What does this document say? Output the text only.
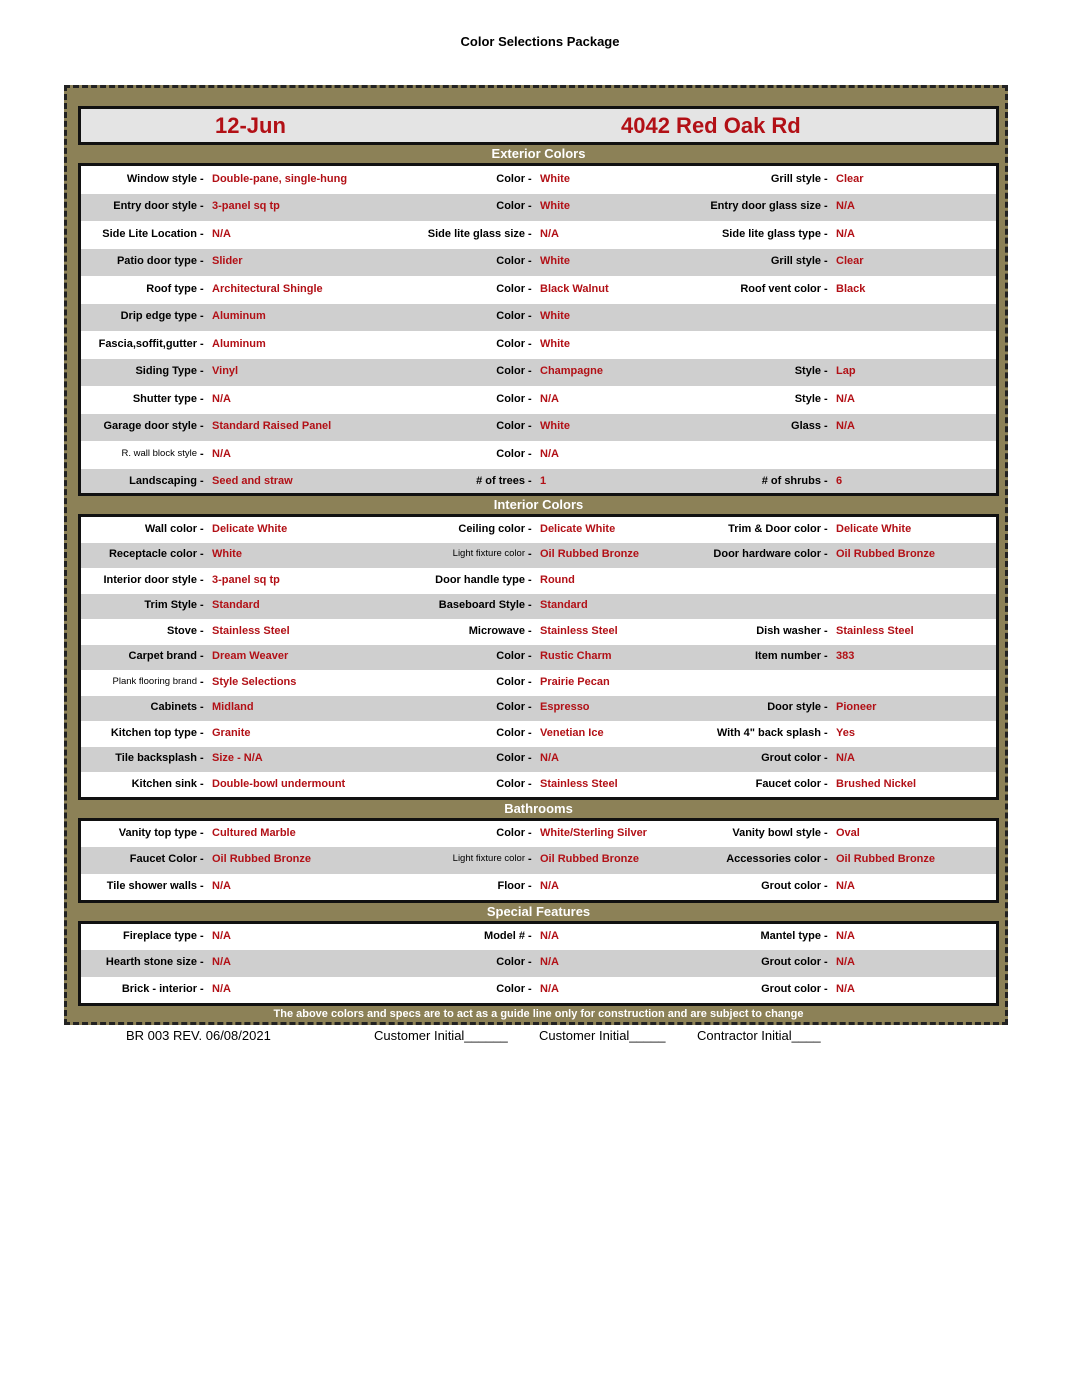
Color Selections Package
12-Jun	4042 Red Oak Rd
Exterior Colors
Window style - Double-pane, single-hung	Color - White	Grill style - Clear
Entry door style - 3-panel sq tp	Color - White	Entry door glass size - N/A
Side Lite Location - N/A	Side lite glass size - N/A	Side lite glass type - N/A
Patio door type - Slider	Color - White	Grill style - Clear
Roof type - Architectural Shingle	Color - Black Walnut	Roof vent color - Black
Drip edge type - Aluminum	Color - White
Fascia,soffit,gutter - Aluminum	Color - White
Siding Type - Vinyl	Color - Champagne	Style - Lap
Shutter type - N/A	Color - N/A	Style - N/A
Garage door style - Standard Raised Panel	Color - White	Glass - N/A
R. wall block style - N/A	Color - N/A
Landscaping - Seed and straw	# of trees - 1	# of shrubs - 6
Interior Colors
Wall color - Delicate White	Ceiling color - Delicate White	Trim & Door color - Delicate White
Receptacle color - White	Light fixture color - Oil Rubbed Bronze	Door hardware color - Oil Rubbed Bronze
Interior door style - 3-panel sq tp	Door handle type - Round
Trim Style - Standard	Baseboard Style - Standard
Stove - Stainless Steel	Microwave - Stainless Steel	Dish washer - Stainless Steel
Carpet brand - Dream Weaver	Color - Rustic Charm	Item number - 383
Plank flooring brand - Style Selections	Color - Prairie Pecan
Cabinets - Midland	Color - Espresso	Door style - Pioneer
Kitchen top type - Granite	Color - Venetian Ice	With 4" back splash - Yes
Tile backsplash - Size - N/A	Color - N/A	Grout color - N/A
Kitchen sink - Double-bowl undermount	Color - Stainless Steel	Faucet color - Brushed Nickel
Bathrooms
Vanity top type - Cultured Marble	Color - White/Sterling Silver	Vanity bowl style - Oval
Faucet Color - Oil Rubbed Bronze	Light fixture color - Oil Rubbed Bronze	Accessories color - Oil Rubbed Bronze
Tile shower walls - N/A	Floor - N/A	Grout color - N/A
Special Features
Fireplace type - N/A	Model # - N/A	Mantel type - N/A
Hearth stone size - N/A	Color - N/A	Grout color - N/A
Brick - interior - N/A	Color - N/A	Grout color - N/A
The above colors and specs are to act as a guide line only for construction and are subject to change
BR 003 REV. 06/08/2021	Customer Initial______ Customer Initial_____ Contractor Initial____
